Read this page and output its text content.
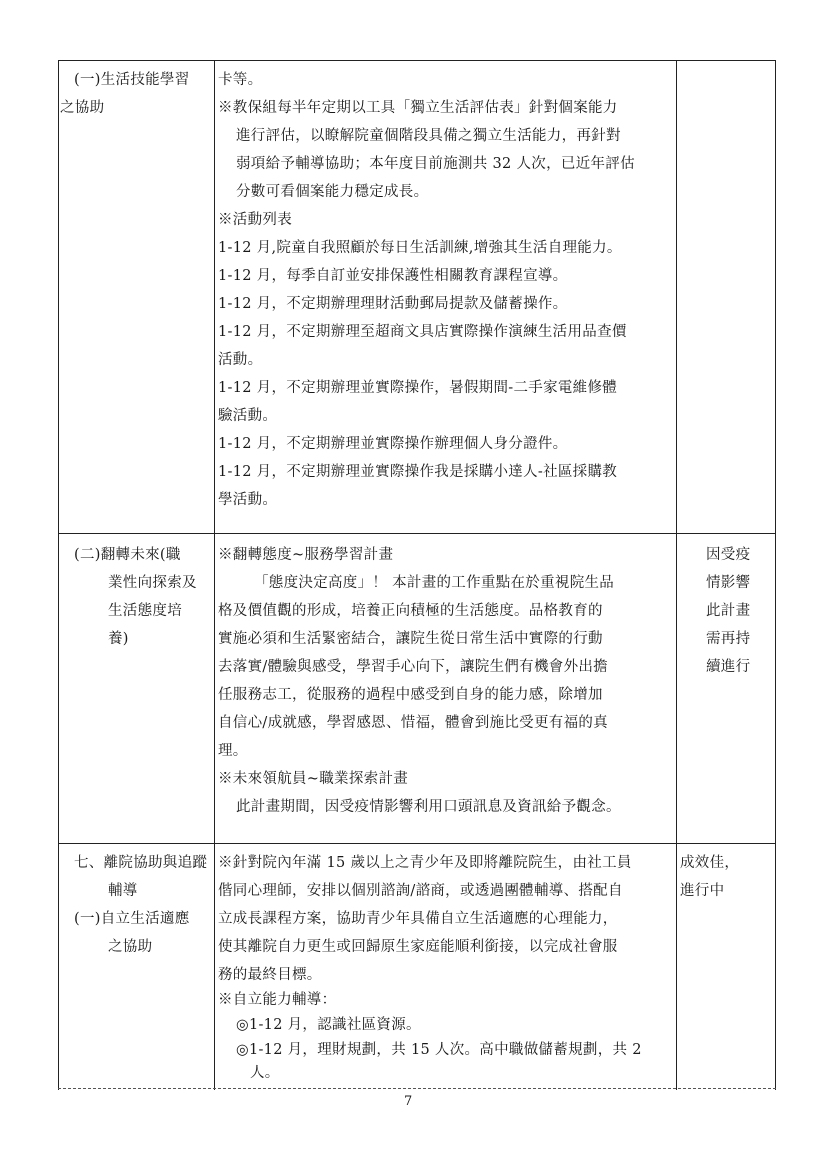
(一)生活技能學習
之協助
卡等。
※教保組每半年定期以工具「獨立生活評估表」針對個案能力
進行評估，以瞭解院童個階段具備之獨立生活能力，再針對
弱項給予輔導協助；本年度目前施測共 32 人次，已近年評估
分數可看個案能力穩定成長。
※活動列表
1-12 月,院童自我照顧於每日生活訓練,增強其生活自理能力。
1-12 月，每季自訂並安排保護性相關教育課程宣導。
1-12 月，不定期辦理理財活動郵局提款及儲蓄操作。
1-12 月，不定期辦理至超商文具店實際操作演練生活用品查價
活動。
1-12 月，不定期辦理並實際操作，暑假期間-二手家電維修體
驗活動。
1-12 月，不定期辦理並實際操作辦理個人身分證件。
1-12 月，不定期辦理並實際操作我是採購小達人-社區採購教
學活動。
(二)翻轉未來(職
業性向探索及
生活態度培
養)
※翻轉態度~服務學習計畫
「態度決定高度」！ 本計畫的工作重點在於重視院生品
格及價值觀的形成，培養正向積極的生活態度。品格教育的
實施必須和生活緊密結合，讓院生從日常生活中實際的行動
去落實/體驗與感受，學習手心向下，讓院生們有機會外出擔
任服務志工，從服務的過程中感受到自身的能力感，除增加
自信心/成就感，學習感恩、惜福，體會到施比受更有福的真
理。
※未來領航員~職業探索計畫
此計畫期間，因受疫情影響利用口頭訊息及資訊給予觀念。
因受疫
情影響
此計畫
需再持
續進行
七、離院協助與追蹤
輔導
(一)自立生活適應
之協助
※針對院內年滿 15 歲以上之青少年及即將離院院生，由社工員
偕同心理師，安排以個別諮詢/諮商，或透過團體輔導、搭配自
立成長課程方案，協助青少年具備自立生活適應的心理能力，
使其離院自力更生或回歸原生家庭能順利銜接，以完成社會服
務的最終目標。
※自立能力輔導：
◎1-12 月，認識社區資源。
◎1-12 月，理財規劃，共 15 人次。高中職做儲蓄規劃，共 2
人。
成效佳，
進行中
7
